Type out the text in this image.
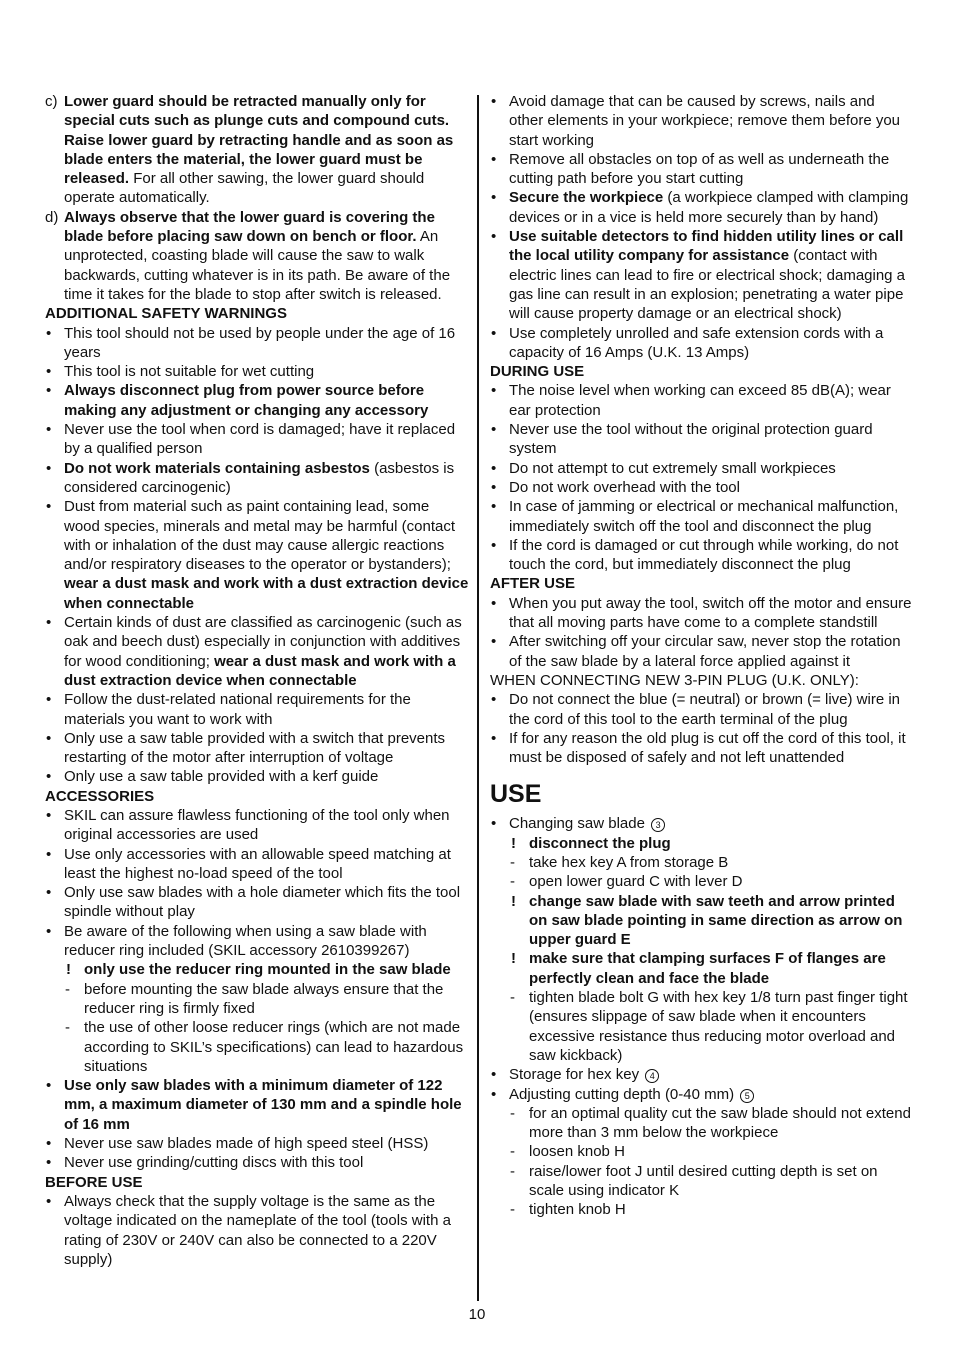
c) Lower guard should be retracted manually only for special cuts such as plunge cuts and compound cuts. Raise lower guard by retracting handle and as soon as blade enters the material, the lower guard must be released. For all other sawing, the lower guard should operate automatically.
d) Always observe that the lower guard is covering the blade before placing saw down on bench or floor. An unprotected, coasting blade will cause the saw to walk backwards, cutting whatever is in its path. Be aware of the time it takes for the blade to stop after switch is released.
ADDITIONAL SAFETY WARNINGS
• This tool should not be used by people under the age of 16 years
• This tool is not suitable for wet cutting
• Always disconnect plug from power source before making any adjustment or changing any accessory
• Never use the tool when cord is damaged; have it replaced by a qualified person
• Do not work materials containing asbestos (asbestos is considered carcinogenic)
• Dust from material such as paint containing lead, some wood species, minerals and metal may be harmful (contact with or inhalation of the dust may cause allergic reactions and/or respiratory diseases to the operator or bystanders); wear a dust mask and work with a dust extraction device when connectable
• Certain kinds of dust are classified as carcinogenic (such as oak and beech dust) especially in conjunction with additives for wood conditioning; wear a dust mask and work with a dust extraction device when connectable
• Follow the dust-related national requirements for the materials you want to work with
• Only use a saw table provided with a switch that prevents restarting of the motor after interruption of voltage
• Only use a saw table provided with a kerf guide
ACCESSORIES
• SKIL can assure flawless functioning of the tool only when original accessories are used
• Use only accessories with an allowable speed matching at least the highest no-load speed of the tool
• Only use saw blades with a hole diameter which fits the tool spindle without play
• Be aware of the following when using a saw blade with reducer ring included (SKIL accessory 2610399267)
! only use the reducer ring mounted in the saw blade
- before mounting the saw blade always ensure that the reducer ring is firmly fixed
- the use of other loose reducer rings (which are not made according to SKIL’s specifications) can lead to hazardous situations
• Use only saw blades with a minimum diameter of 122 mm, a maximum diameter of 130 mm and a spindle hole of 16 mm
• Never use saw blades made of high speed steel (HSS)
• Never use grinding/cutting discs with this tool
BEFORE USE
• Always check that the supply voltage is the same as the voltage indicated on the nameplate of the tool (tools with a rating of 230V or 240V can also be connected to a 220V supply)
• Avoid damage that can be caused by screws, nails and other elements in your workpiece; remove them before you start working
• Remove all obstacles on top of as well as underneath the cutting path before you start cutting
• Secure the workpiece (a workpiece clamped with clamping devices or in a vice is held more securely than by hand)
• Use suitable detectors to find hidden utility lines or call the local utility company for assistance (contact with electric lines can lead to fire or electrical shock; damaging a gas line can result in an explosion; penetrating a water pipe will cause property damage or an electrical shock)
• Use completely unrolled and safe extension cords with a capacity of 16 Amps (U.K. 13 Amps)
DURING USE
• The noise level when working can exceed 85 dB(A); wear ear protection
• Never use the tool without the original protection guard system
• Do not attempt to cut extremely small workpieces
• Do not work overhead with the tool
• In case of jamming or electrical or mechanical malfunction, immediately switch off the tool and disconnect the plug
• If the cord is damaged or cut through while working, do not touch the cord, but immediately disconnect the plug
AFTER USE
• When you put away the tool, switch off the motor and ensure that all moving parts have come to a complete standstill
• After switching off your circular saw, never stop the rotation of the saw blade by a lateral force applied against it
WHEN CONNECTING NEW 3-PIN PLUG (U.K. ONLY):
• Do not connect the blue (= neutral) or brown (= live) wire in the cord of this tool to the earth terminal of the plug
• If for any reason the old plug is cut off the cord of this tool, it must be disposed of safely and not left unattended
USE
• Changing saw blade 3
! disconnect the plug
- take hex key A from storage B
- open lower guard C with lever D
! change saw blade with saw teeth and arrow printed on saw blade pointing in same direction as arrow on upper guard E
! make sure that clamping surfaces F of flanges are perfectly clean and face the blade
- tighten blade bolt G with hex key 1/8 turn past finger tight (ensures slippage of saw blade when it encounters excessive resistance thus reducing motor overload and saw kickback)
• Storage for hex key 4
• Adjusting cutting depth (0-40 mm) 5
- for an optimal quality cut the saw blade should not extend more than 3 mm below the workpiece
- loosen knob H
- raise/lower foot J until desired cutting depth is set on scale using indicator K
- tighten knob H
10
